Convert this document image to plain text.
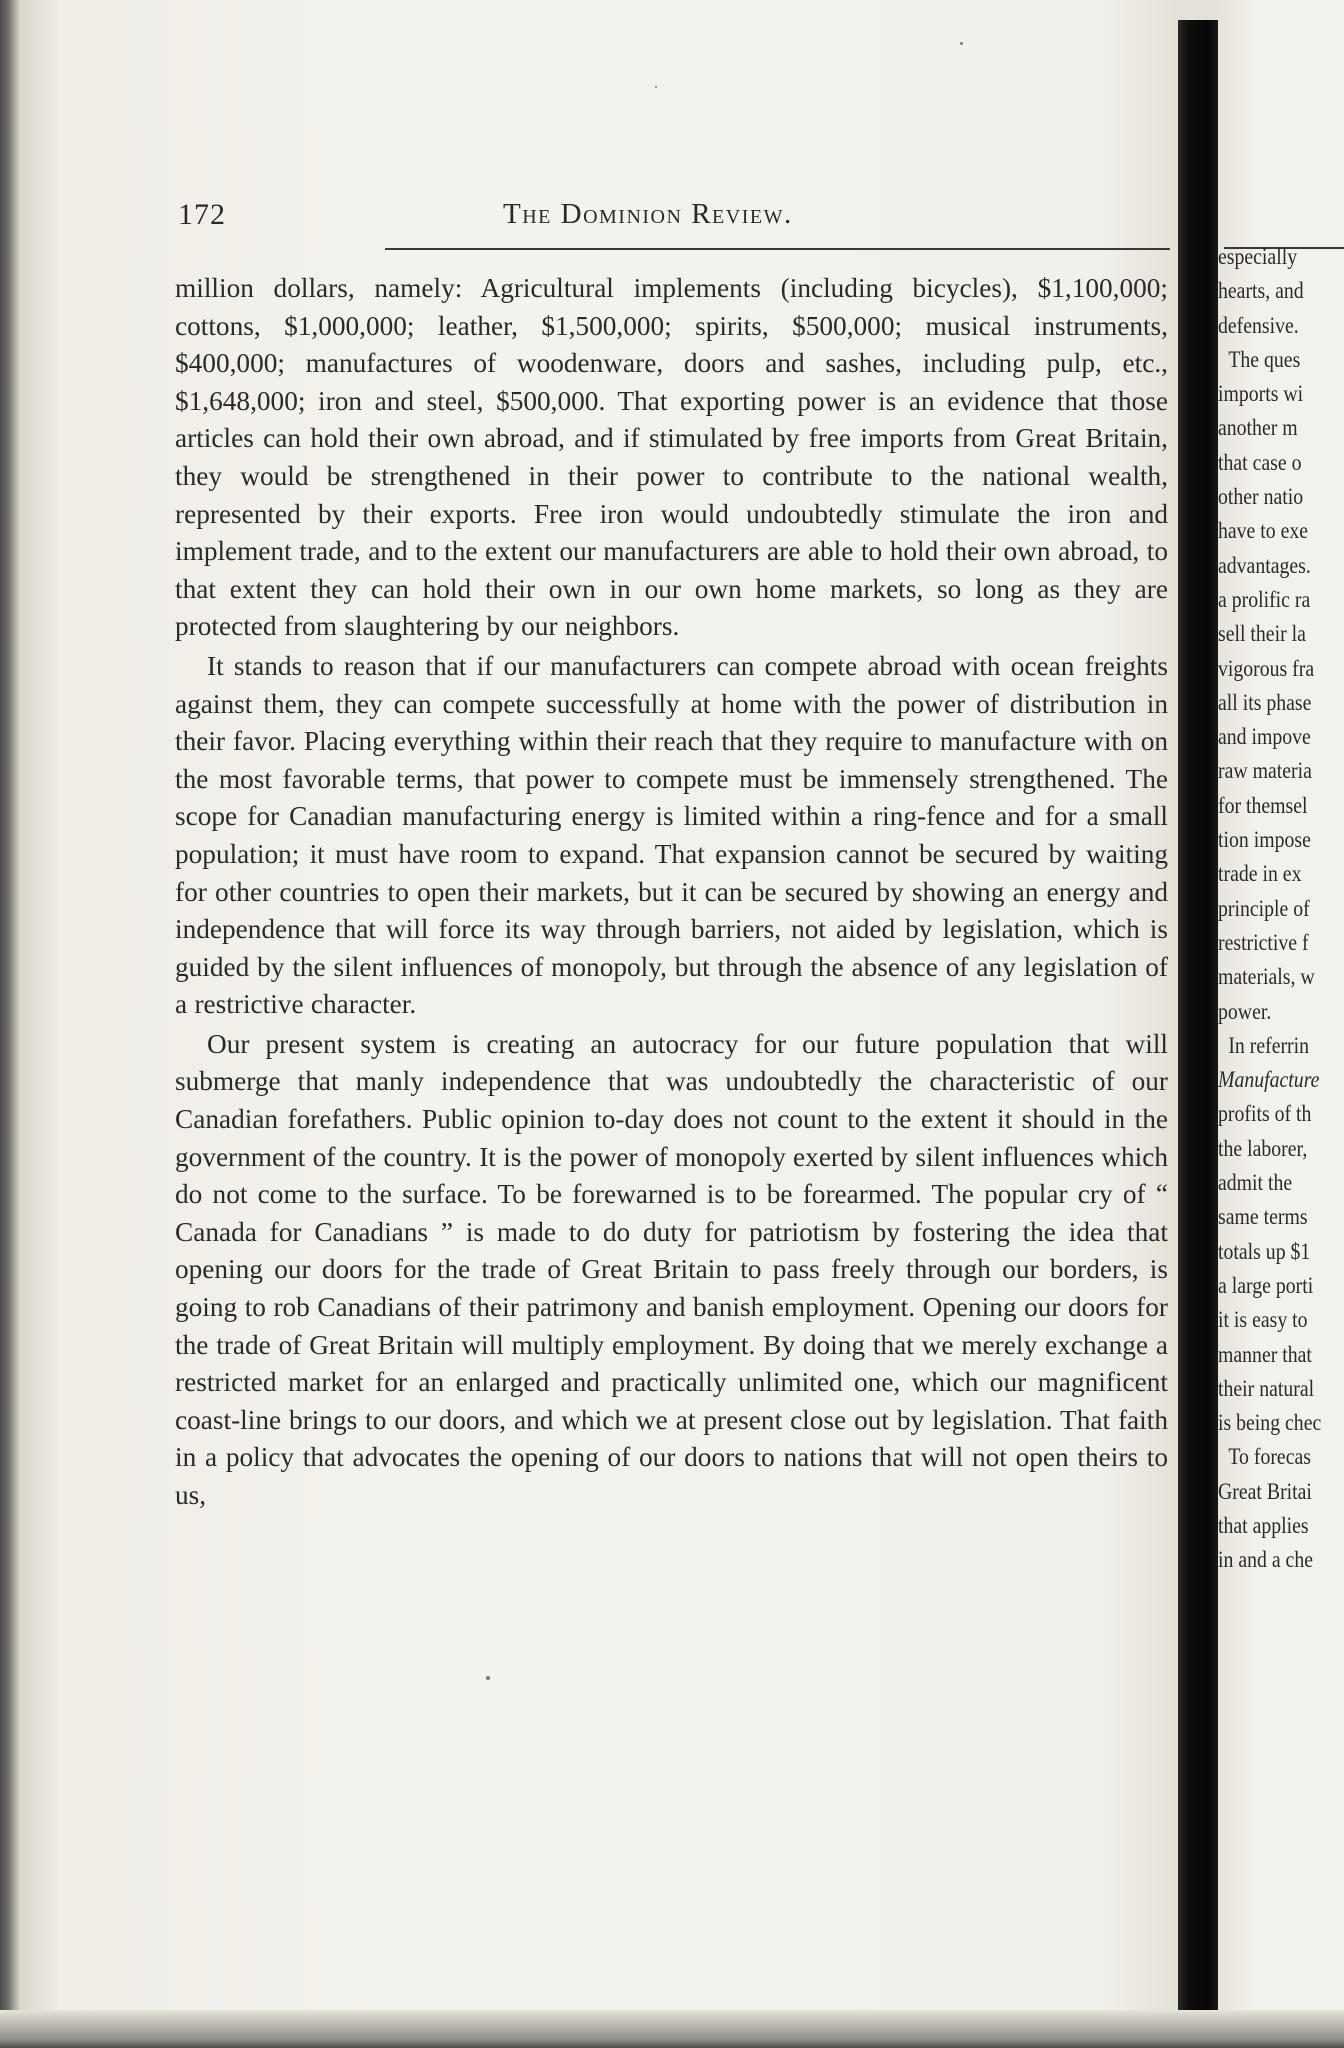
172	The Dominion Review.

million dollars, namely: Agricultural implements (including bicycles), $1,100,000; cottons, $1,000,000; leather, $1,500,000; spirits, $500,000; musical instruments, $400,000; manufactures of woodenware, doors and sashes, including pulp, etc., $1,648,000; iron and steel, $500,000. That exporting power is an evidence that those articles can hold their own abroad, and if stimulated by free imports from Great Britain, they would be strengthened in their power to contribute to the national wealth, represented by their exports. Free iron would undoubtedly stimulate the iron and implement trade, and to the extent our manufacturers are able to hold their own abroad, to that extent they can hold their own in our own home markets, so long as they are protected from slaughtering by our neighbors.

It stands to reason that if our manufacturers can compete abroad with ocean freights against them, they can compete successfully at home with the power of distribution in their favor. Placing everything within their reach that they require to manufacture with on the most favorable terms, that power to compete must be immensely strengthened. The scope for Canadian manufacturing energy is limited within a ring-fence and for a small population; it must have room to expand. That expansion cannot be secured by waiting for other countries to open their markets, but it can be secured by showing an energy and independence that will force its way through barriers, not aided by legislation, which is guided by the silent influences of monopoly, but through the absence of any legislation of a restrictive character.

Our present system is creating an autocracy for our future population that will submerge that manly independence that was undoubtedly the characteristic of our Canadian forefathers. Public opinion to-day does not count to the extent it should in the government of the country. It is the power of monopoly exerted by silent influences which do not come to the surface. To be forewarned is to be forearmed. The popular cry of “ Canada for Canadians ” is made to do duty for patriotism by fostering the idea that opening our doors for the trade of Great Britain to pass freely through our borders, is going to rob Canadians of their patrimony and banish employment. Opening our doors for the trade of Great Britain will multiply employment. By doing that we merely exchange a restricted market for an enlarged and practically unlimited one, which our magnificent coast-line brings to our doors, and which we at present close out by legislation. That faith in a policy that advocates the opening of our doors to nations that will not open theirs to us,

especially
hearts, and
defensive.
The ques
imports wi
another m
that case o
other natio
have to exe
advantages.
a prolific ra
sell their la
vigorous fra
all its phase
and impove
raw materia
for themsel
tion impose
trade in ex
principle of
restrictive f
materials, w
power.
In referrin
Manufacture
profits of th
the laborer,
admit the
same terms
totals up $1
a large porti
it is easy to
manner that
their natural
is being chec
To forecas
Great Britai
that applies
in and a che
